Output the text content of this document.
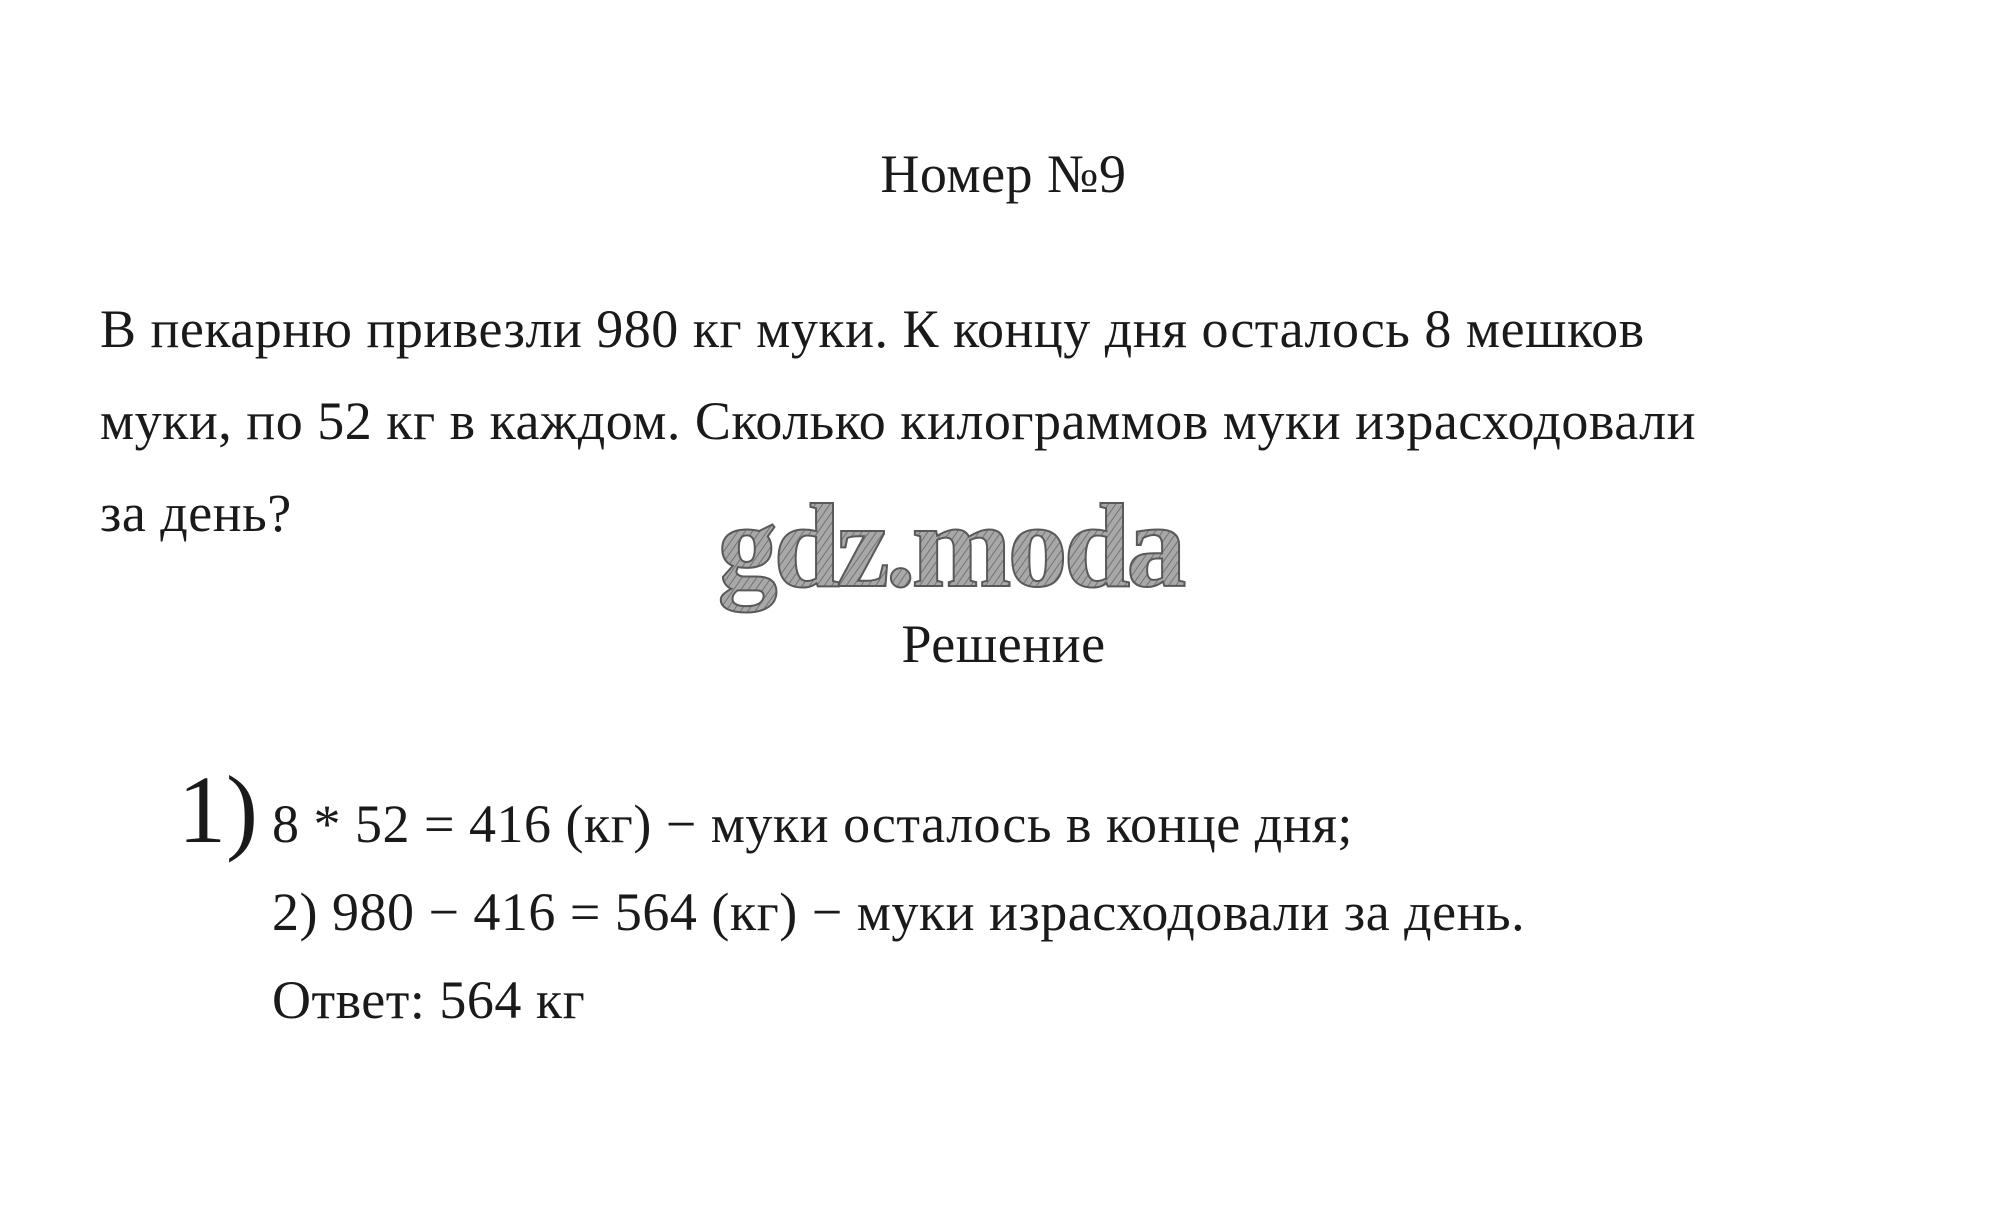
Номер №9

В пекарню привезли 980 кг муки. К концу дня осталось 8 мешков
муки, по 52 кг в каждом. Сколько килограммов муки израсходовали
за день?	gdz.moda
Решение
1) 8 * 52 = 416 (кг) − муки осталось в конце дня;
2) 980 − 416 = 564 (кг) − муки израсходовали за день.
Ответ: 564 кг
